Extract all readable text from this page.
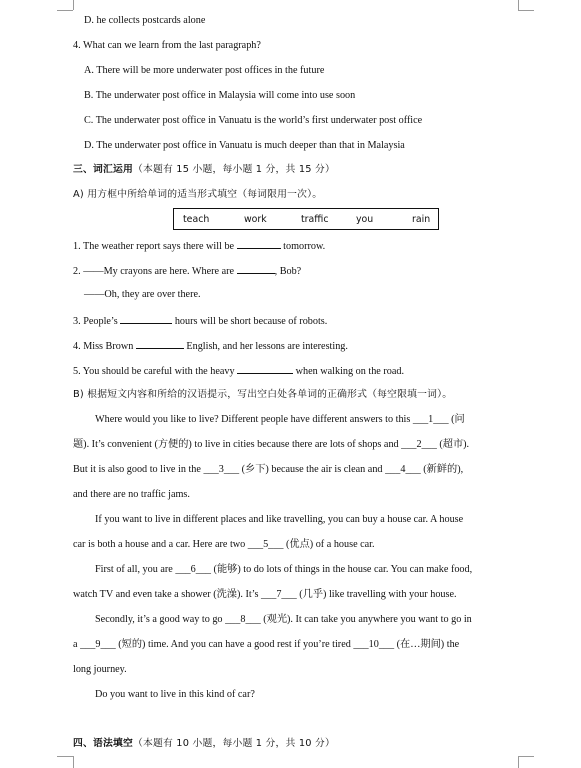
D. he collects postcards alone
4. What can we learn from the last paragraph?
A. There will be more underwater post offices in the future
B. The underwater post office in Malaysia will come into use soon
C. The underwater post office in Vanuatu is the world’s first underwater post office
D. The underwater post office in Vanuatu is much deeper than that in Malaysia
三、词汇运用（本题有 15 小题，每小题 1 分，共 15 分）
A) 用方框中所给单词的适当形式填空（每词限用一次）。
teach	work	traffic	you	rain
1. The weather report says there will be	tomorrow.
2. ——My crayons are here. Where are	, Bob?
——Oh, they are over there.
3. People’s	hours will be short because of robots.
4. Miss Brown	English, and her lessons are interesting.
5. You should be careful with the heavy	when walking on the road.
B) 根据短文内容和所给的汉语提示，写出空白处各单词的正确形式（每空限填一词）。
Where would you like to live? Different people have different answers to this ___1___ (问
题). It’s convenient (方便的) to live in cities because there are lots of shops and ___2___ (超市).
But it is also good to live in the ___3___ (乡下) because the air is clean and ___4___ (新鲜的),
and there are no traffic jams.
If you want to live in different places and like travelling, you can buy a house car. A house
car is both a house and a car. Here are two ___5___ (优点) of a house car.
First of all, you are ___6___ (能够) to do lots of things in the house car. You can make food,
watch TV and even take a shower (洗澡). It’s ___7___ (几乎) like travelling with your house.
Secondly, it’s a good way to go ___8___ (观光). It can take you anywhere you want to go in
a ___9___ (短的) time. And you can have a good rest if you’re tired ___10___ (在…期间) the
long journey.
Do you want to live in this kind of car?
四、语法填空（本题有 10 小题，每小题 1 分，共 10 分）
